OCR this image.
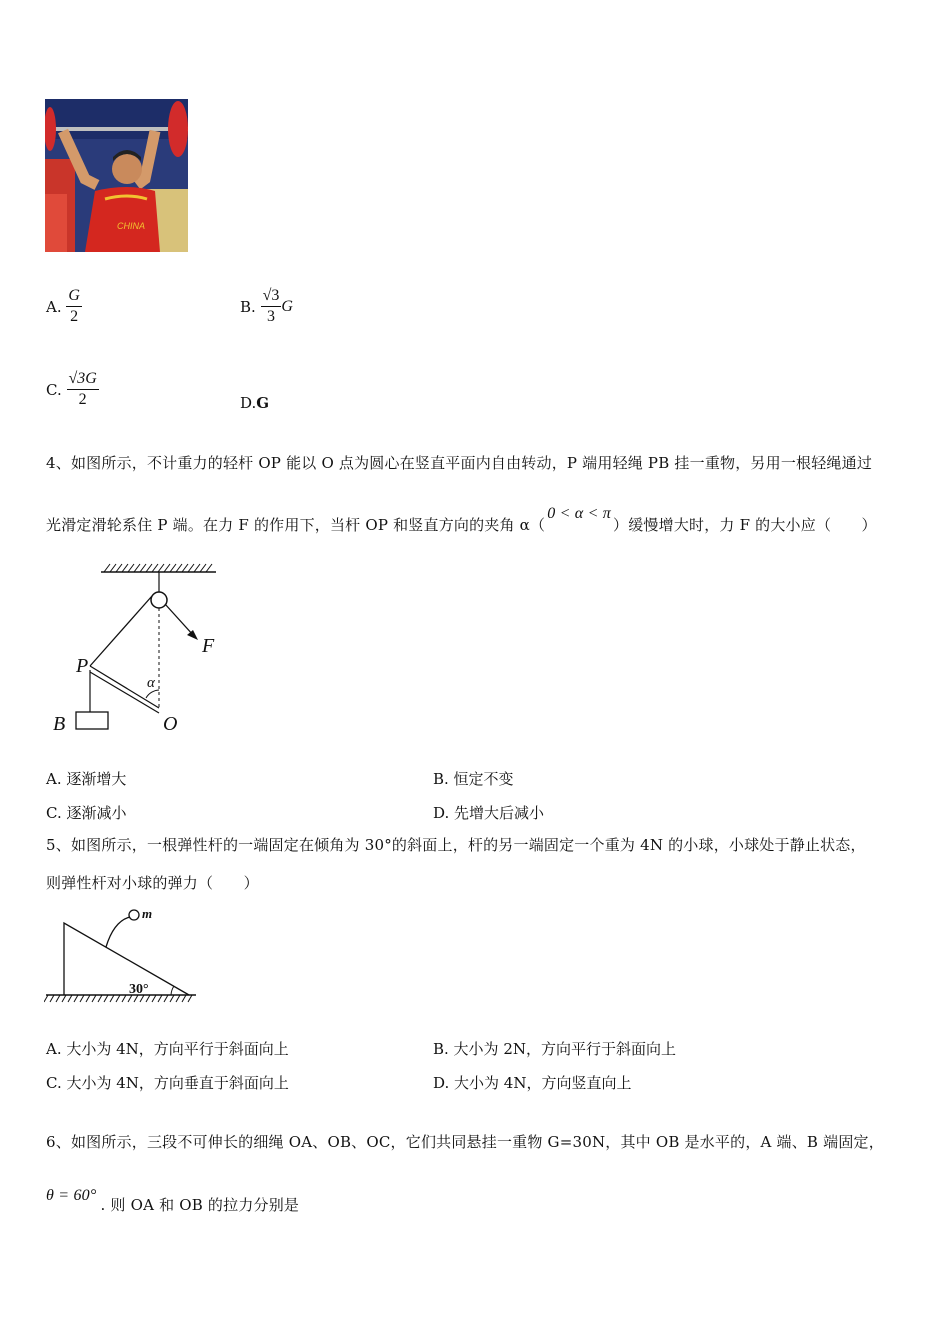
CHINA
A. $\frac{G}{2}$	B. $\frac{√3}{3}$ G
C. $\frac{√3G}{2}$	D.G
4、如图所示，不计重力的轻杆 OP 能以 O 点为圆心在竖直平面内自由转动，P 端用轻绳 PB 挂一重物，另用一根轻绳通过
光滑定滑轮系住 P 端。在力 F 的作用下，当杆 OP 和竖直方向的夹角 α（0 < α < π）缓慢增大时，力 F 的大小应（　　）
F
P
α
B	O
A. 逐渐增大	B. 恒定不变
C. 逐渐减小	D. 先增大后减小
5、如图所示，一根弹性杆的一端固定在倾角为 30°的斜面上，杆的另一端固定一个重为 4N 的小球，小球处于静止状态，
则弹性杆对小球的弹力（　　）
m
30°
A. 大小为 4N，方向平行于斜面向上	B. 大小为 2N，方向平行于斜面向上
C. 大小为 4N，方向垂直于斜面向上	D. 大小为 4N，方向竖直向上
6、如图所示，三段不可伸长的细绳 OA、OB、OC，它们共同悬挂一重物 G=30N，其中 OB 是水平的，A 端、B 端固定，
θ = 60°. 则 OA 和 OB 的拉力分别是
